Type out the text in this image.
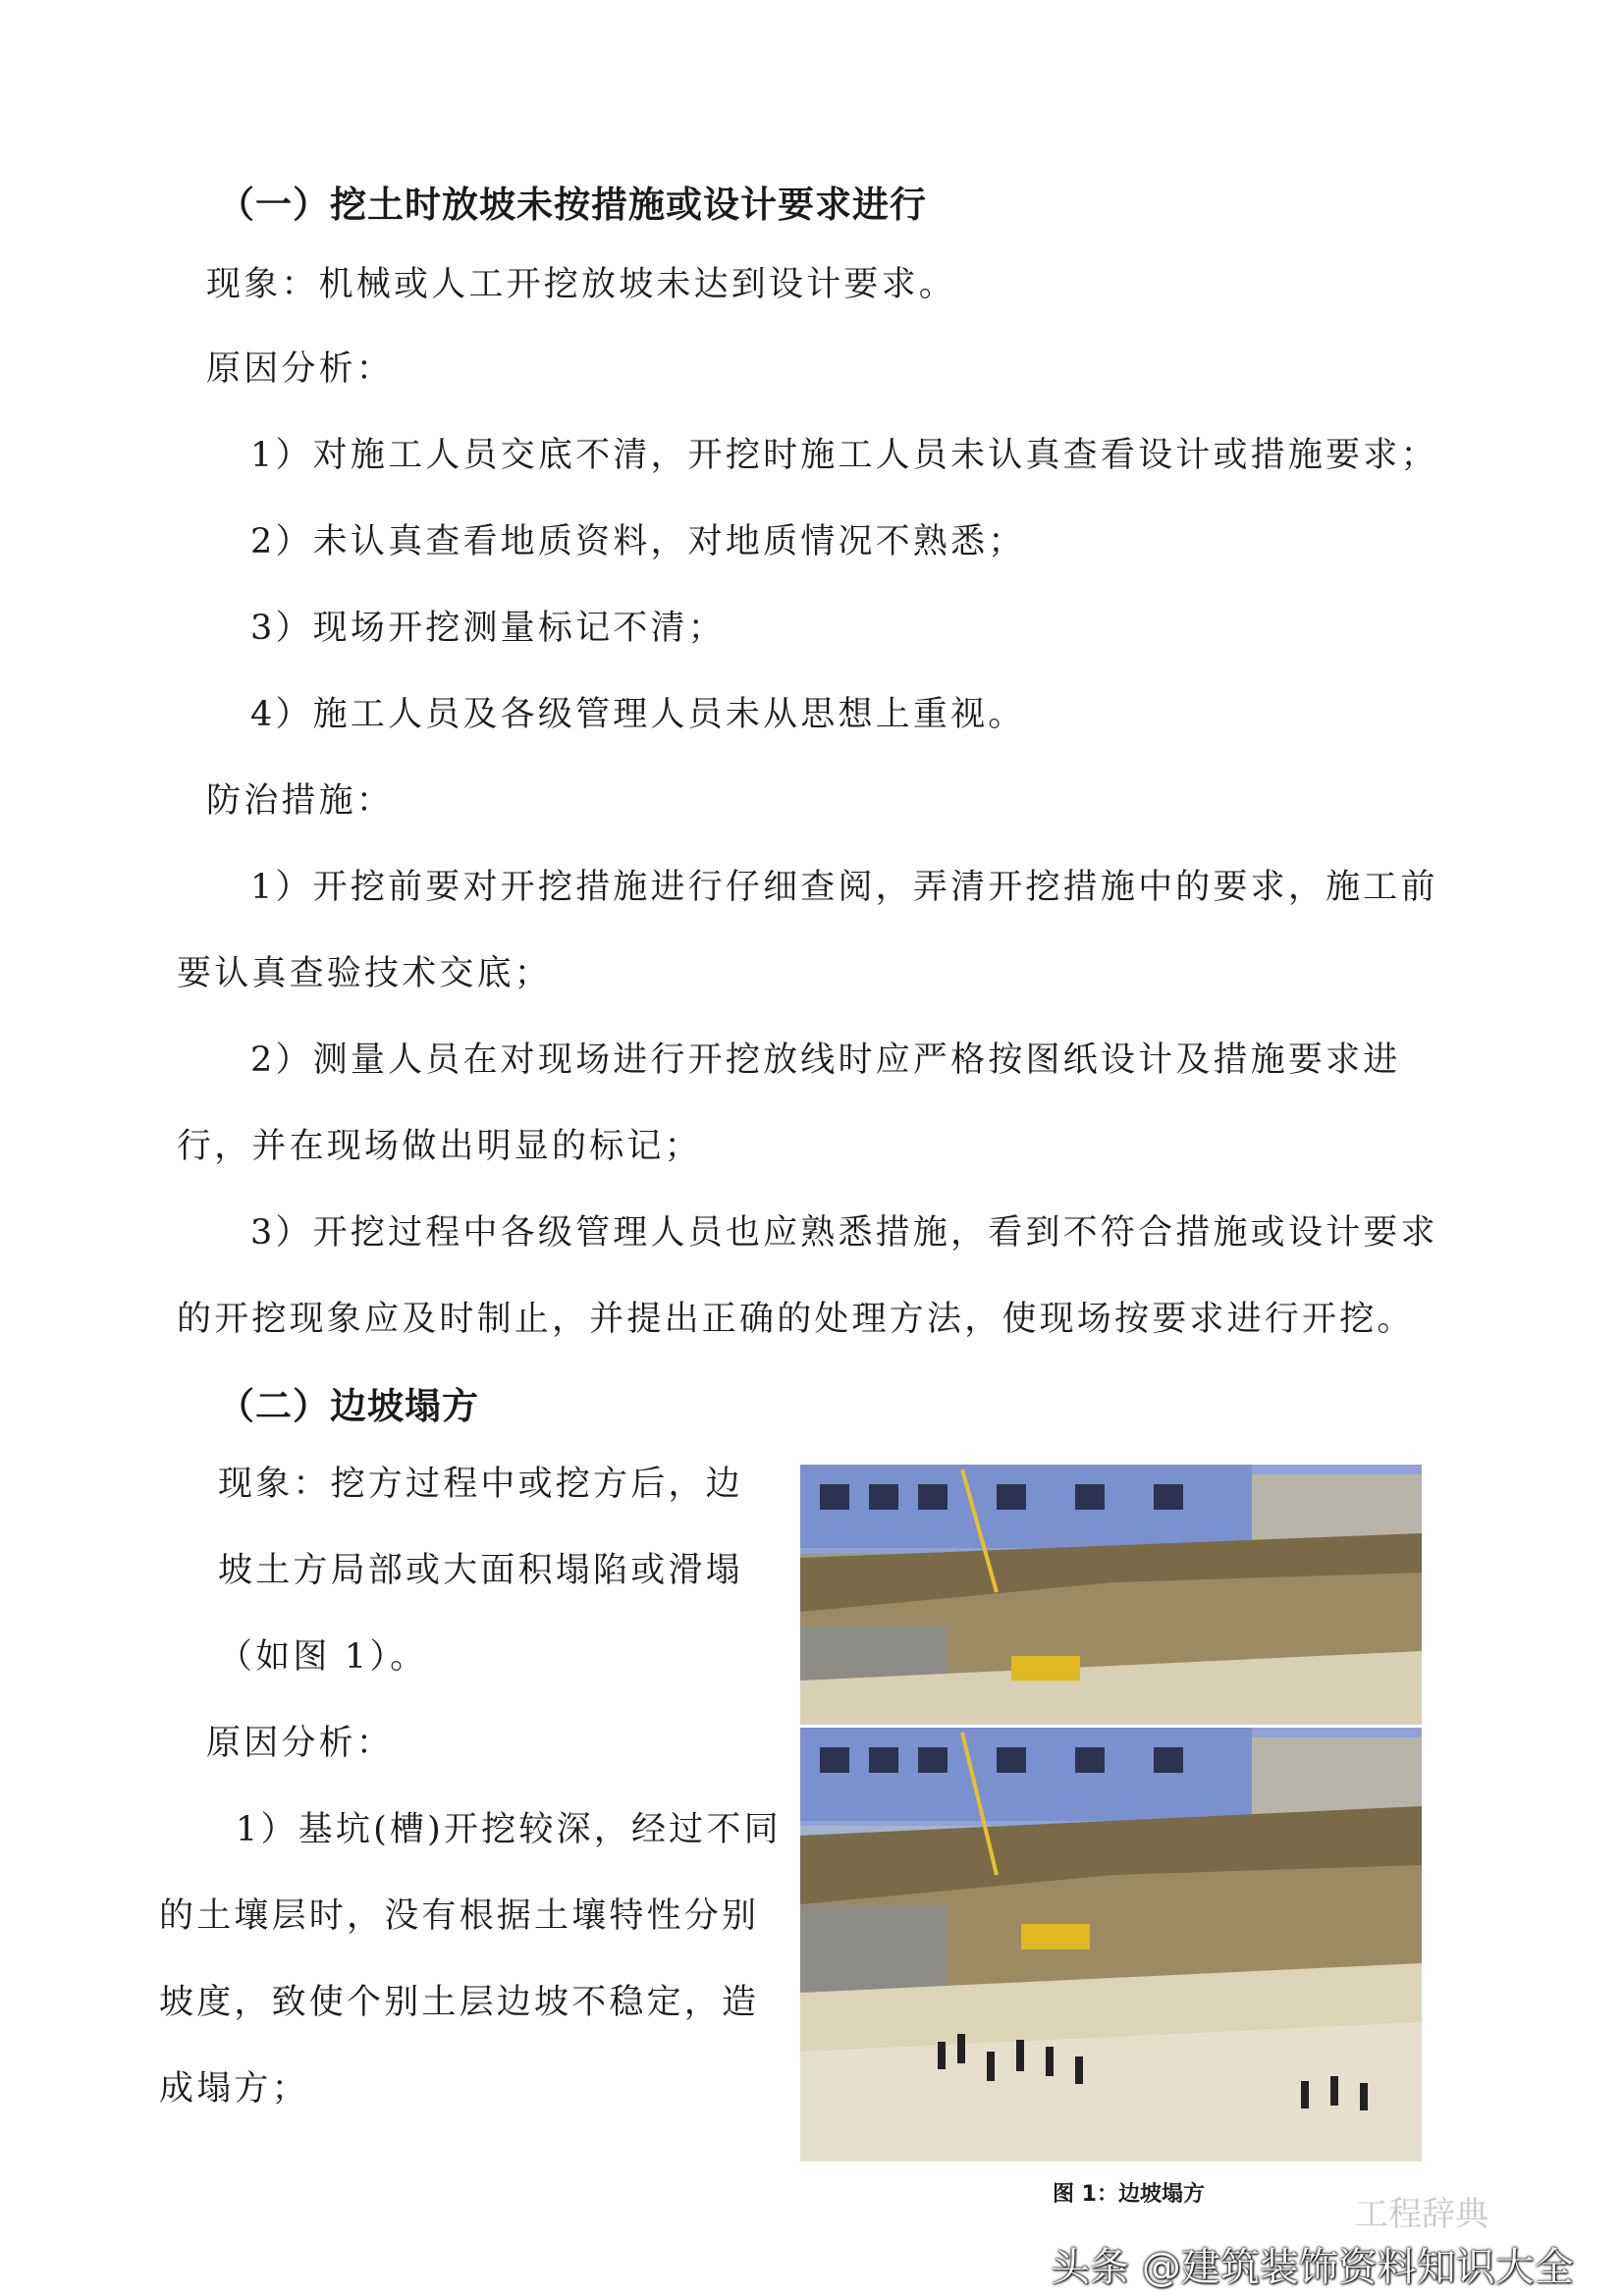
（一）挖土时放坡未按措施或设计要求进行
现象：机械或人工开挖放坡未达到设计要求。
原因分析：
1）对施工人员交底不清，开挖时施工人员未认真查看设计或措施要求；
2）未认真查看地质资料，对地质情况不熟悉；
3）现场开挖测量标记不清；
4）施工人员及各级管理人员未从思想上重视。
防治措施：
1）开挖前要对开挖措施进行仔细查阅，弄清开挖措施中的要求，施工前
要认真查验技术交底；
2）测量人员在对现场进行开挖放线时应严格按图纸设计及措施要求进
行，并在现场做出明显的标记；
3）开挖过程中各级管理人员也应熟悉措施，看到不符合措施或设计要求
的开挖现象应及时制止，并提出正确的处理方法，使现场按要求进行开挖。
（二）边坡塌方
现象：挖方过程中或挖方后，边
坡土方局部或大面积塌陷或滑塌
（如图 1）。
原因分析：
1）基坑(槽)开挖较深，经过不同
的土壤层时，没有根据土壤特性分别
坡度，致使个别土层边坡不稳定，造
成塌方；
图 1：边坡塌方
工程辞典
头条 @建筑装饰资料知识大全
